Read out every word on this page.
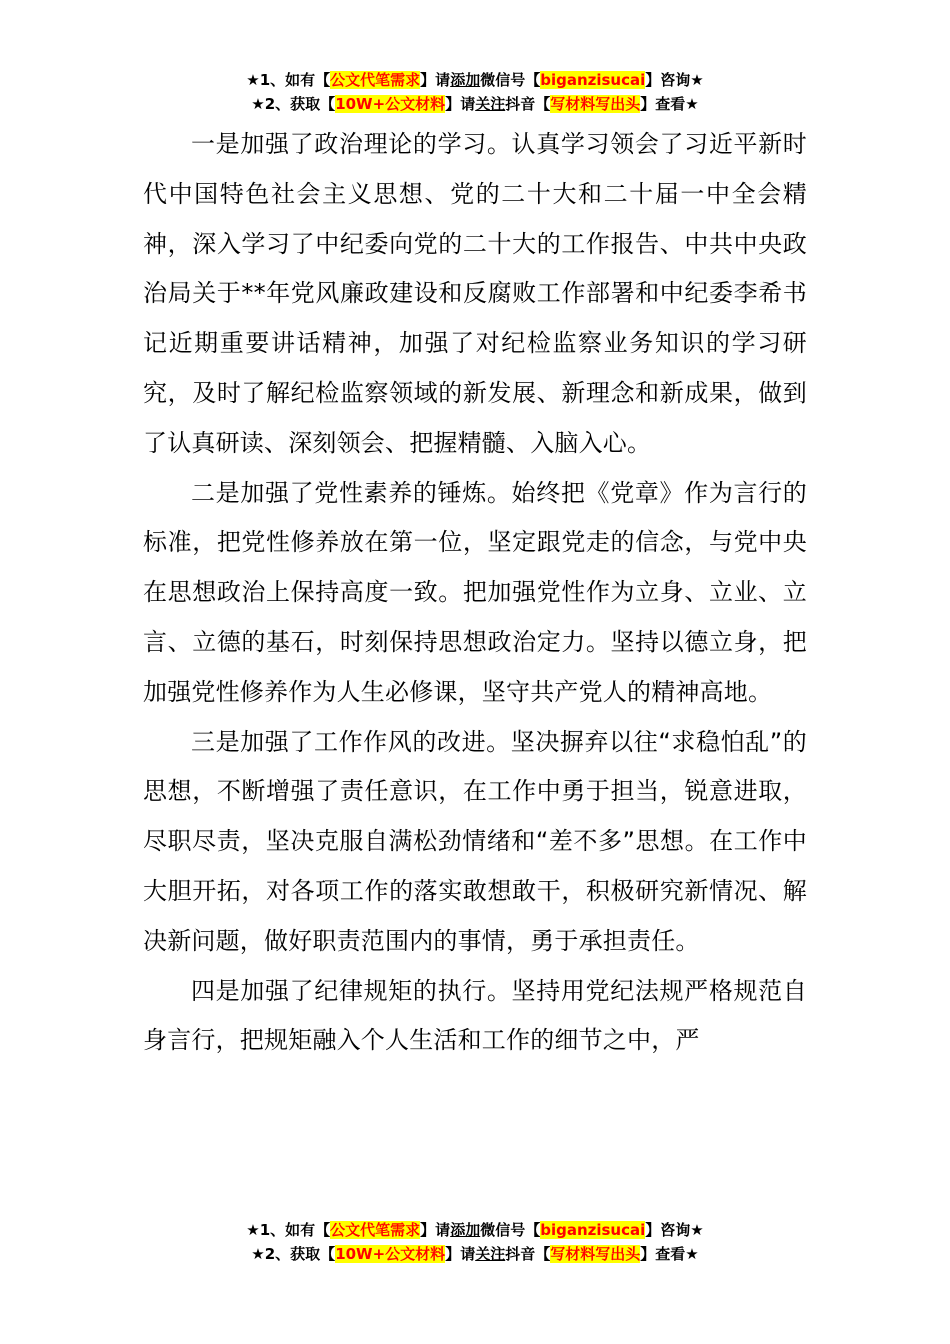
★1、如有【公文代笔需求】请添加微信号【biganzisucai】咨询★
★2、获取【10W+公文材料】请关注抖音【写材料写出头】查看★

一是加强了政治理论的学习。认真学习领会了习近平新时代中国特色社会主义思想、党的二十大和二十届一中全会精神，深入学习了中纪委向党的二十大的工作报告、中共中央政治局关于**年党风廉政建设和反腐败工作部署和中纪委李希书记近期重要讲话精神，加强了对纪检监察业务知识的学习研究，及时了解纪检监察领域的新发展、新理念和新成果，做到了认真研读、深刻领会、把握精髓、入脑入心。

二是加强了党性素养的锤炼。始终把《党章》作为言行的标准，把党性修养放在第一位，坚定跟党走的信念，与党中央在思想政治上保持高度一致。把加强党性作为立身、立业、立言、立德的基石，时刻保持思想政治定力。坚持以德立身，把加强党性修养作为人生必修课，坚守共产党人的精神高地。

三是加强了工作作风的改进。坚决摒弃以往“求稳怕乱”的思想，不断增强了责任意识，在工作中勇于担当，锐意进取，尽职尽责，坚决克服自满松劲情绪和“差不多”思想。在工作中大胆开拓，对各项工作的落实敢想敢干，积极研究新情况、解决新问题，做好职责范围内的事情，勇于承担责任。

四是加强了纪律规矩的执行。坚持用党纪法规严格规范自身言行，把规矩融入个人生活和工作的细节之中，严

★1、如有【公文代笔需求】请添加微信号【biganzisucai】咨询★
★2、获取【10W+公文材料】请关注抖音【写材料写出头】查看★
